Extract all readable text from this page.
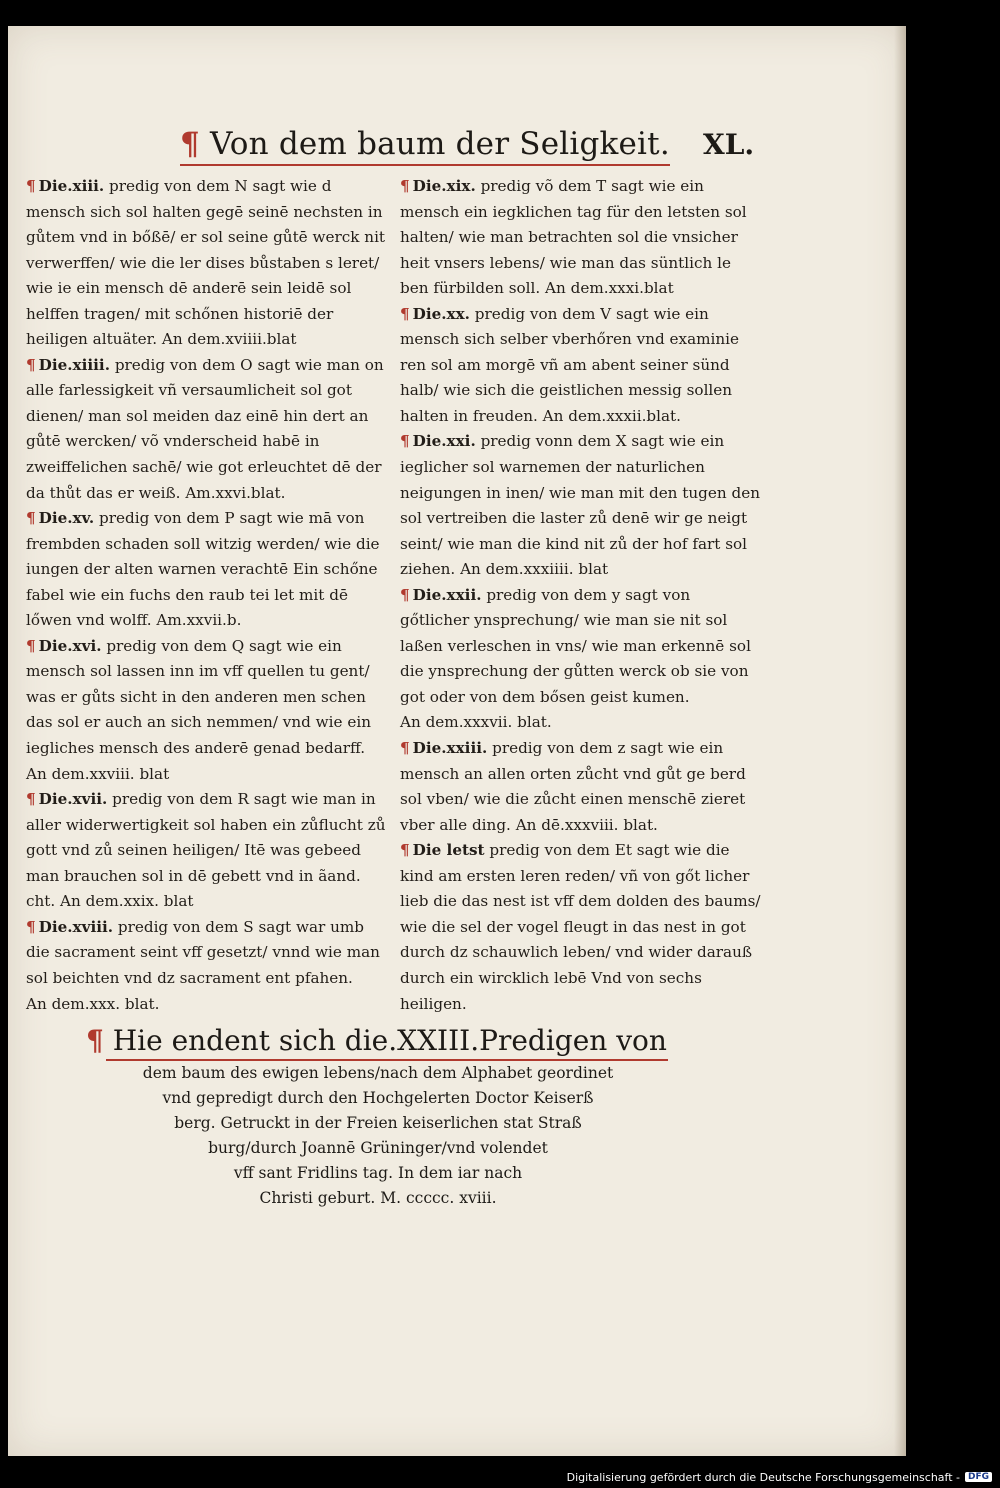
¶ Von dem baum der Seligkeit. XL.

¶ Die.xiii. predig von dem N sagt wie d mensch sich sol halten gegē seinē nechsten in gůtem vnd in bőßē/ er sol seine gůtē werck nit verwerffen/ wie die ler dises bůstaben s leret/ wie ie ein mensch dē anderē sein leidē sol helffen tragen/ mit schőnen historiē der heiligen altuäter. An dem.xviiii.blat

¶ Die.xiiii. predig von dem O sagt wie man on alle farlessigkeit vñ versaumlicheit sol got dienen/ man sol meiden daz einē hin dert an gůtē wercken/ võ vnderscheid habē in zweiffelichen sachē/ wie got erleuchtet dē der da thůt das er weiß. Am.xxvi.blat.

¶ Die.xv. predig von dem P sagt wie mā von frembden schaden soll witzig werden/ wie die iungen der alten warnen verachtē Ein schőne fabel wie ein fuchs den raub tei let mit dē lőwen vnd wolff. Am.xxvii.b.

¶ Die.xvi. predig von dem Q sagt wie ein mensch sol lassen inn im vff quellen tu gent/ was er gůts sicht in den anderen men schen das sol er auch an sich nemmen/ vnd wie ein iegliches mensch des anderē genad bedarff. An dem.xxviii. blat

¶ Die.xvii. predig von dem R sagt wie man in aller widerwertigkeit sol haben ein zůflucht zů gott vnd zů seinen heiligen/ Itē was gebeed man brauchen sol in dē gebett vnd in ãand. cht. An dem.xxix. blat

¶ Die.xviii. predig von dem S sagt war umb die sacrament seint vff gesetzt/ vnnd wie man sol beichten vnd dz sacrament ent pfahen. An dem.xxx. blat.

¶ Die.xix. predig võ dem T sagt wie ein mensch ein iegklichen tag für den letsten sol halten/ wie man betrachten sol die vnsicher heit vnsers lebens/ wie man das süntlich le ben fürbilden soll. An dem.xxxi.blat

¶ Die.xx. predig von dem V sagt wie ein mensch sich selber vberhőren vnd examinie ren sol am morgē vñ am abent seiner sünd halb/ wie sich die geistlichen messig sollen halten in freuden. An dem.xxxii.blat.

¶ Die.xxi. predig vonn dem X sagt wie ein ieglicher sol warnemen der naturlichen neigungen in inen/ wie man mit den tugen den sol vertreiben die laster zů denē wir ge neigt seint/ wie man die kind nit zů der hof fart sol ziehen. An dem.xxxiiii. blat

¶ Die.xxii. predig von dem y sagt von gőtlicher ynsprechung/ wie man sie nit sol laßen verleschen in vns/ wie man erkennē sol die ynsprechung der gůtten werck ob sie von got oder von dem bősen geist kumen. An dem.xxxvii. blat.

¶ Die.xxiii. predig von dem z sagt wie ein mensch an allen orten zůcht vnd gůt ge berd sol vben/ wie die zůcht einen menschē zieret vber alle ding. An dē.xxxviii. blat.

¶ Die letst predig von dem Et sagt wie die kind am ersten leren reden/ vñ von gőt licher lieb die das nest ist vff dem dolden des baums/ wie die sel der vogel fleugt in das nest in got durch dz schauwlich leben/ vnd wider darauß durch ein wircklich lebē Vnd von sechs heiligen.

¶ Hie endent sich die.XXIII.Predigen von
dem baum des ewigen lebens/nach dem Alphabet geordinet
vnd gepredigt durch den Hochgelerten Doctor Keiserß
berg. Getruckt in der Freien keiserlichen stat Straß
burg/durch Joannē Grüninger/vnd volendet
vff sant Fridlins tag. In dem iar nach
Christi geburt. M. ccccc. xviii.
Digitalisierung gefördert durch die Deutsche Forschungsgemeinschaft - DFG
